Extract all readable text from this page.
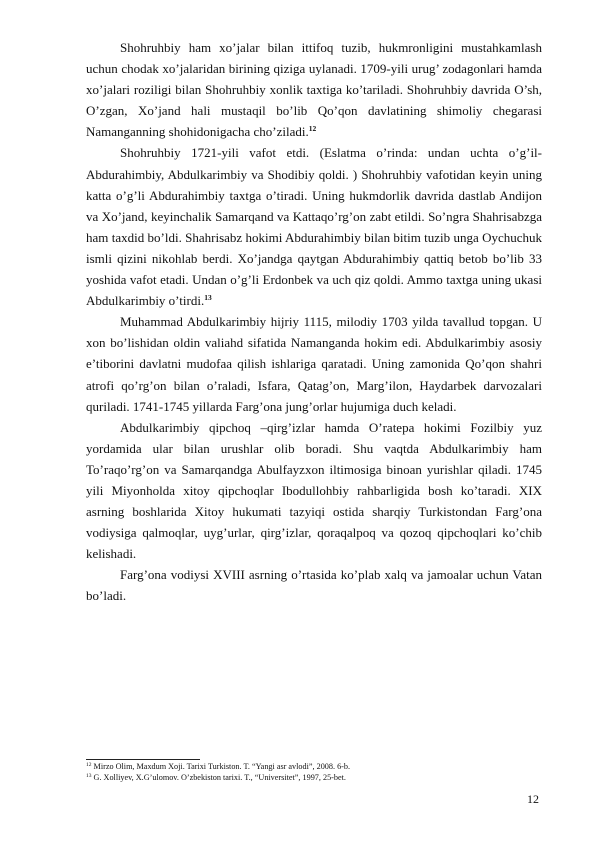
Shohruhbiy ham xo’jalar bilan ittifoq tuzib, hukmronligini mustahkamlash uchun chodak xo’jalaridan birining qiziga uylanadi. 1709-yili urug’ zodagonlari hamda xo’jalari roziligi bilan Shohruhbiy xonlik taxtiga ko’tariladi. Shohruhbiy davrida O’sh, O’zgan, Xo’jand hali mustaqil bo’lib Qo’qon davlatining shimoliy chegarasi Namanganning shohidonigacha cho’ziladi.$^{12}$

Shohruhbiy 1721-yili vafot etdi. (Eslatma o’rinda: undan uchta o’g’il-Abdurahimbiy, Abdulkarimbiy va Shodibiy qoldi. ) Shohruhbiy vafotidan keyin uning katta o’g’li Abdurahimbiy taxtga o’tiradi. Uning hukmdorlik davrida dastlab Andijon va Xo’jand, keyinchalik Samarqand va Kattaqo’rg’on zabt etildi. So’ngra Shahrisabzga ham taxdid bo’ldi. Shahrisabz hokimi Abdurahimbiy bilan bitim tuzib unga Oychuchuk ismli qizini nikohlab berdi. Xo’jandga qaytgan Abdurahimbiy qattiq betob bo’lib 33 yoshida vafot etadi. Undan o’g’li Erdonbek va uch qiz qoldi. Ammo taxtga uning ukasi Abdulkarimbiy o’tirdi.$^{13}$

Muhammad Abdulkarimbiy hijriy 1115, milodiy 1703 yilda tavallud topgan. U xon bo’lishidan oldin valiahd sifatida Namanganda hokim edi. Abdulkarimbiy asosiy e’tiborini davlatni mudofaa qilish ishlariga qaratadi. Uning zamonida Qo’qon shahri atrofi qo’rg’on bilan o’raladi, Isfara, Qatag’on, Marg’ilon, Haydarbek darvozalari quriladi. 1741-1745 yillarda Farg’ona jung’orlar hujumiga duch keladi.

Abdulkarimbiy qipchoq –qirg’izlar hamda O’ratepa hokimi Fozilbiy yuz yordamida ular bilan urushlar olib boradi. Shu vaqtda Abdulkarimbiy ham To’raqo’rg’on va Samarqandga Abulfayzxon iltimosiga binoan yurishlar qiladi. 1745 yili Miyonholda xitoy qipchoqlar Ibodullohbiy rahbarligida bosh ko’taradi. XIX asrning boshlarida Xitoy hukumati tazyiqi ostida sharqiy Turkistondan Farg’ona vodiysiga qalmoqlar, uyg’urlar, qirg’izlar, qoraqalpoq va qozoq qipchoqlari ko’chib kelishadi.

Farg’ona vodiysi XVIII asrning o’rtasida ko’plab xalq va jamoalar uchun Vatan bo’ladi.

$^{12}$ Mirzo Olim, Maxdum Xoji. Tarixi Turkiston. T. “Yangi asr avlodi”, 2008. 6-b.
$^{13}$ G. Xolliyev, X.G’ulomov. O’zbekiston tarixi. T., “Universitet”, 1997, 25-bet.
12
